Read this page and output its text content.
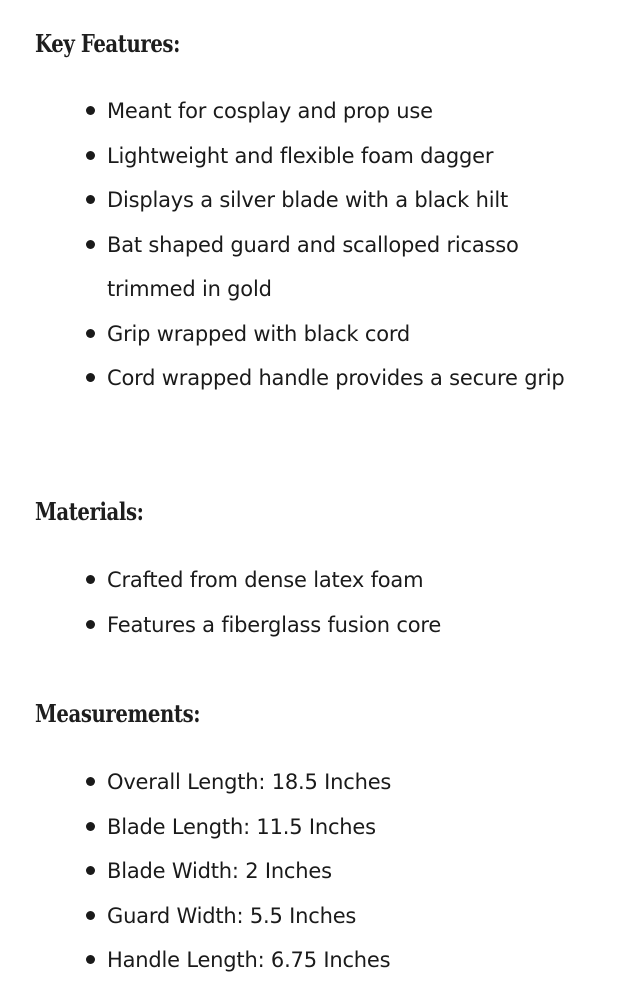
Key Features:
Meant for cosplay and prop use
Lightweight and flexible foam dagger
Displays a silver blade with a black hilt
Bat shaped guard and scalloped ricasso trimmed in gold
Grip wrapped with black cord
Cord wrapped handle provides a secure grip
Materials:
Crafted from dense latex foam
Features a fiberglass fusion core
Measurements:
Overall Length: 18.5 Inches
Blade Length: 11.5 Inches
Blade Width: 2 Inches
Guard Width: 5.5 Inches
Handle Length: 6.75 Inches
